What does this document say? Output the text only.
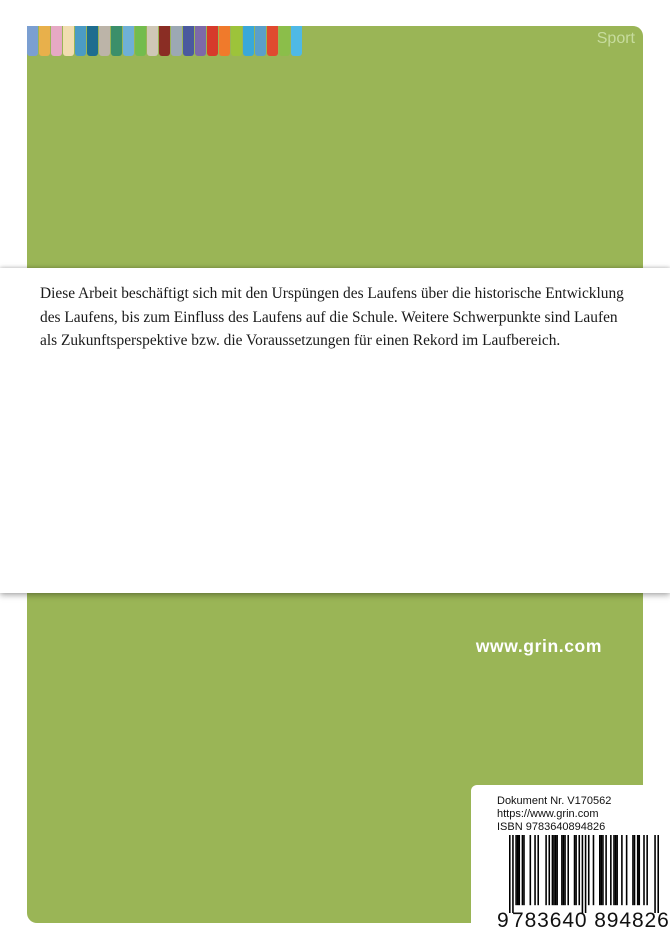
Sport
www.grin.com
Dokument Nr. V170562
https://www.grin.com
ISBN 9783640894826
9 783640 894826

Diese Arbeit beschäftigt sich mit den Urspüngen des Laufens über die historische Entwicklung des Laufens, bis zum Einfluss des Laufens auf die Schule. Weitere Schwerpunkte sind Laufen als Zukunftsperspektive bzw. die Voraussetzungen für einen Rekord im Laufbereich.
